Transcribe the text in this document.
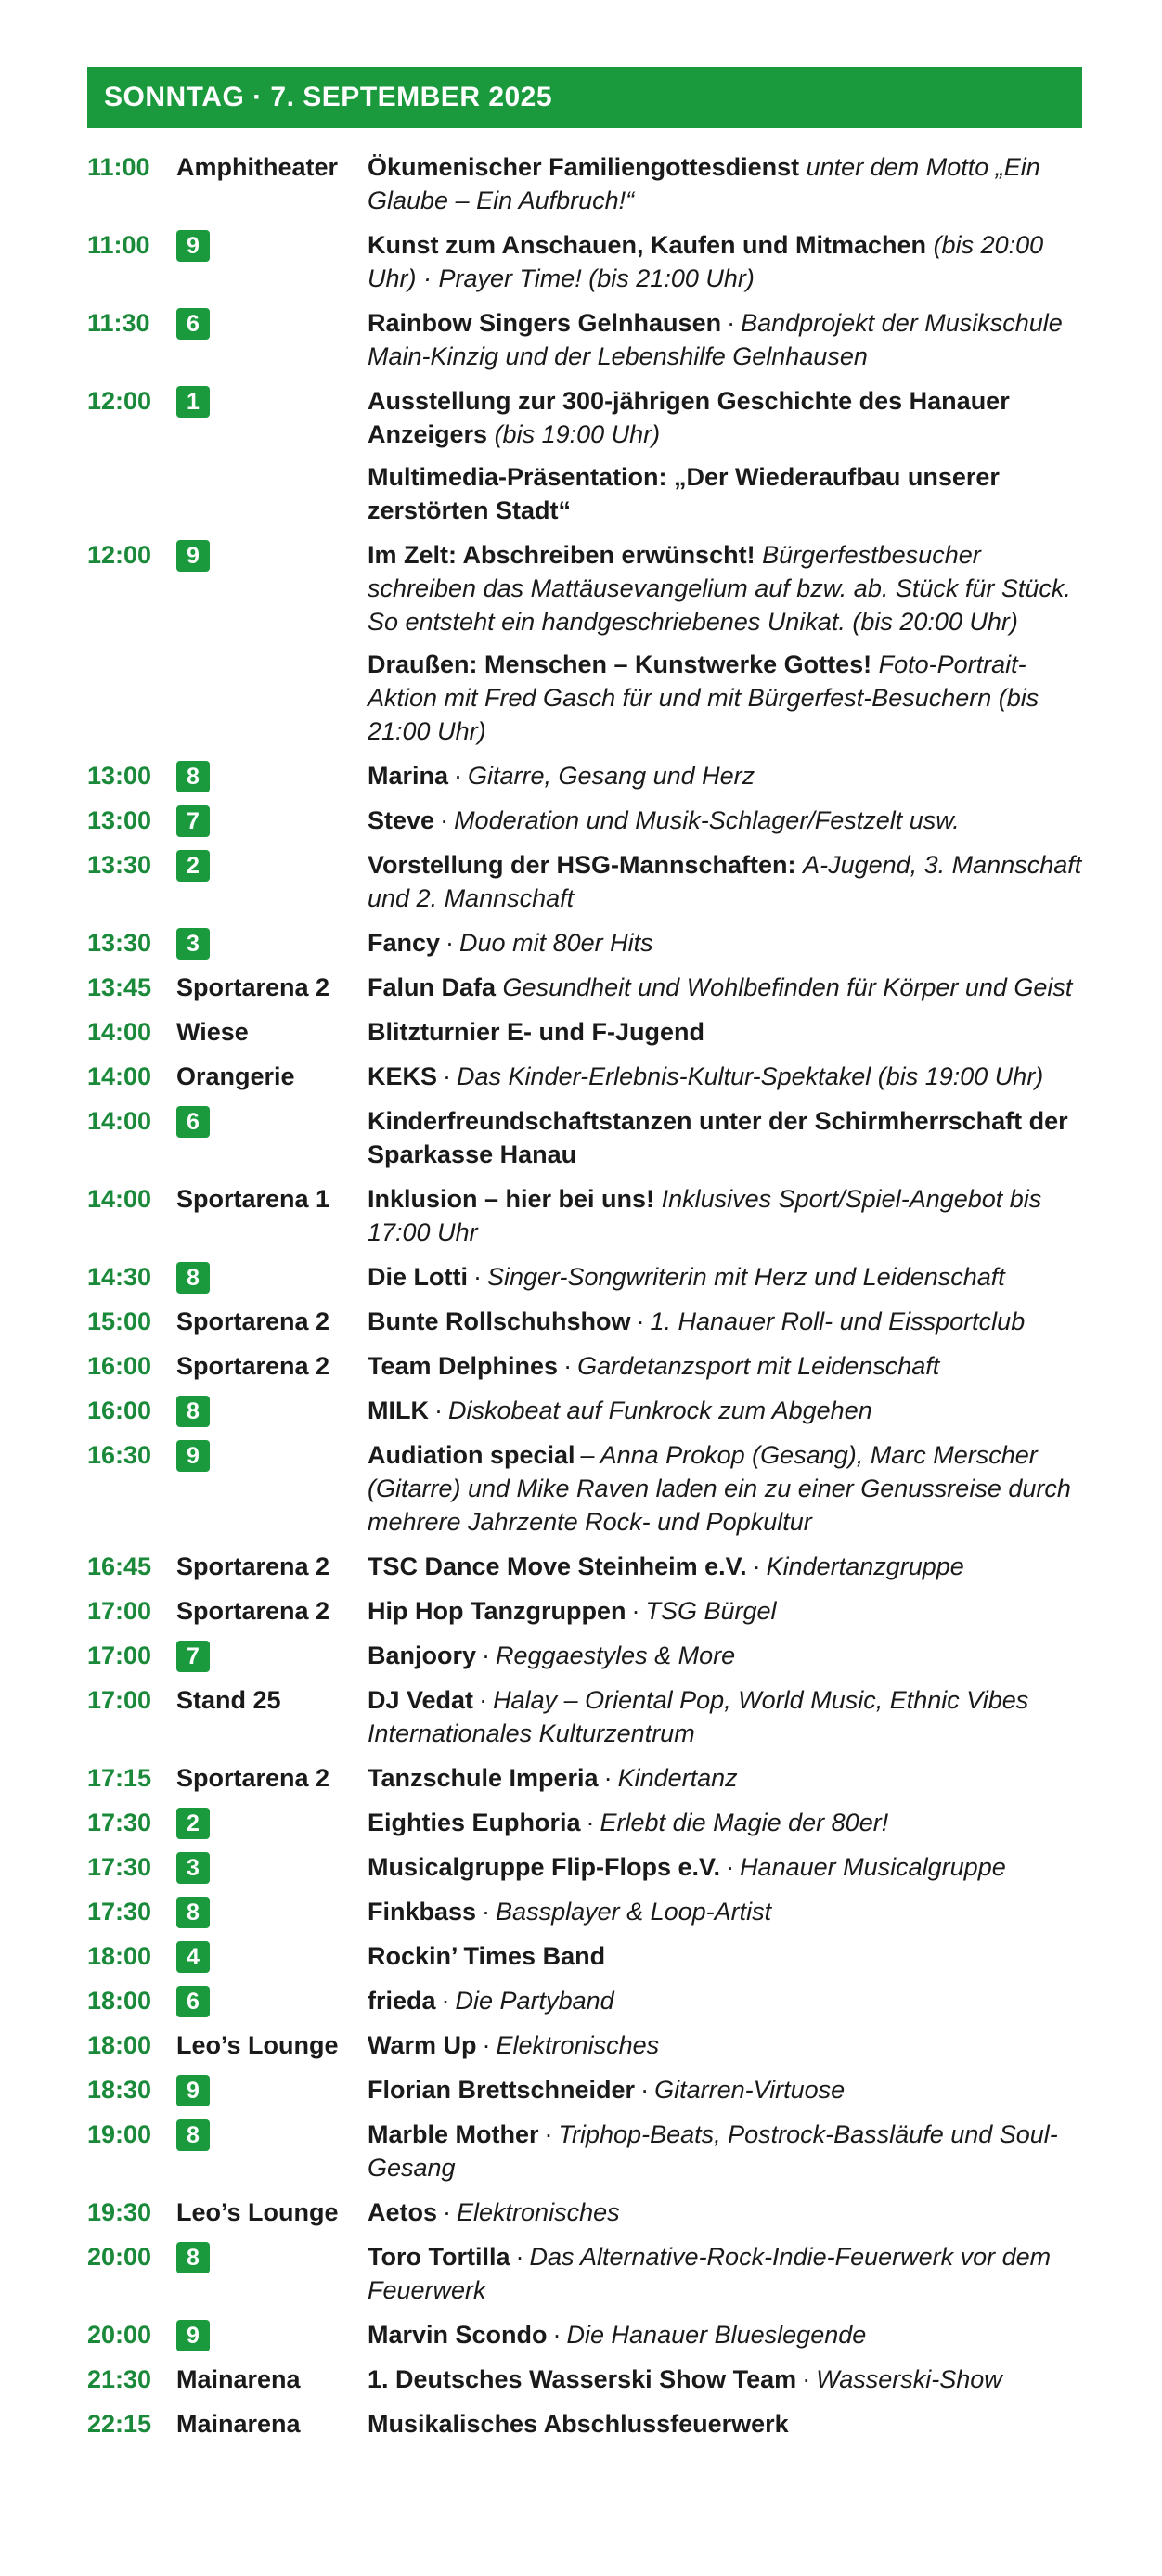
SONNTAG · 7. SEPTEMBER 2025
11:00	Amphitheater	Ökumenischer Familiengottesdienst unter dem Motto „Ein Glaube – Ein Aufbruch!“
11:00	9	Kunst zum Anschauen, Kaufen und Mitmachen (bis 20:00 Uhr) · Prayer Time! (bis 21:00 Uhr)
11:30	6	Rainbow Singers Gelnhausen · Bandprojekt der Musikschule Main-Kinzig und der Lebenshilfe Gelnhausen
12:00	1	Ausstellung zur 300-jährigen Geschichte des Hanauer Anzeigers (bis 19:00 Uhr)
Multimedia-Präsentation: „Der Wiederaufbau unserer zerstörten Stadt“
12:00	9	Im Zelt: Abschreiben erwünscht! Bürgerfestbesucher schreiben das Mattäusevangelium auf bzw. ab. Stück für Stück. So entsteht ein handgeschriebenes Unikat. (bis 20:00 Uhr)
Draußen: Menschen – Kunstwerke Gottes! Foto-Portrait-Aktion mit Fred Gasch für und mit Bürgerfest-Besuchern (bis 21:00 Uhr)
13:00	8	Marina · Gitarre, Gesang und Herz
13:00	7	Steve · Moderation und Musik-Schlager/Festzelt usw.
13:30	2	Vorstellung der HSG-Mannschaften: A-Jugend, 3. Mannschaft und 2. Mannschaft
13:30	3	Fancy · Duo mit 80er Hits
13:45 Sportarena 2	Falun Dafa Gesundheit und Wohlbefinden für Körper und Geist
14:00 Wiese	Blitzturnier E- und F-Jugend
14:00 Orangerie	KEKS · Das Kinder-Erlebnis-Kultur-Spektakel (bis 19:00 Uhr)
14:00	6	Kinderfreundschaftstanzen unter der Schirmherrschaft der Sparkasse Hanau
14:00 Sportarena 1	Inklusion – hier bei uns! Inklusives Sport/Spiel-Angebot bis 17:00 Uhr
14:30	8	Die Lotti · Singer-Songwriterin mit Herz und Leidenschaft
15:00 Sportarena 2	Bunte Rollschuhshow · 1. Hanauer Roll- und Eissportclub
16:00 Sportarena 2	Team Delphines · Gardetanzsport mit Leidenschaft
16:00	8	MILK · Diskobeat auf Funkrock zum Abgehen
16:30	9	Audiation special – Anna Prokop (Gesang), Marc Merscher (Gitarre) und Mike Raven laden ein zu einer Genussreise durch mehrere Jahrzente Rock- und Popkultur
16:45 Sportarena 2	TSC Dance Move Steinheim e.V. · Kindertanzgruppe
17:00 Sportarena 2	Hip Hop Tanzgruppen · TSG Bürgel
17:00	7	Banjoory · Reggaestyles & More
17:00 Stand 25	DJ Vedat · Halay – Oriental Pop, World Music, Ethnic Vibes Internationales Kulturzentrum
17:15 Sportarena 2	Tanzschule Imperia · Kindertanz
17:30	2	Eighties Euphoria · Erlebt die Magie der 80er!
17:30	3	Musicalgruppe Flip-Flops e.V. · Hanauer Musicalgruppe
17:30	8	Finkbass · Bassplayer & Loop-Artist
18:00	4	Rockin’ Times Band
18:00	6	frieda · Die Partyband
18:00 Leo’s Lounge	Warm Up · Elektronisches
18:30	9	Florian Brettschneider · Gitarren-Virtuose
19:00	8	Marble Mother · Triphop-Beats, Postrock-Bassläufe und Soul-Gesang
19:30 Leo’s Lounge	Aetos · Elektronisches
20:00	8	Toro Tortilla · Das Alternative-Rock-Indie-Feuerwerk vor dem Feuerwerk
20:00	9	Marvin Scondo · Die Hanauer Blueslegende
21:30 Mainarena	1. Deutsches Wasserski Show Team · Wasserski-Show
22:15 Mainarena	Musikalisches Abschlussfeuerwerk
